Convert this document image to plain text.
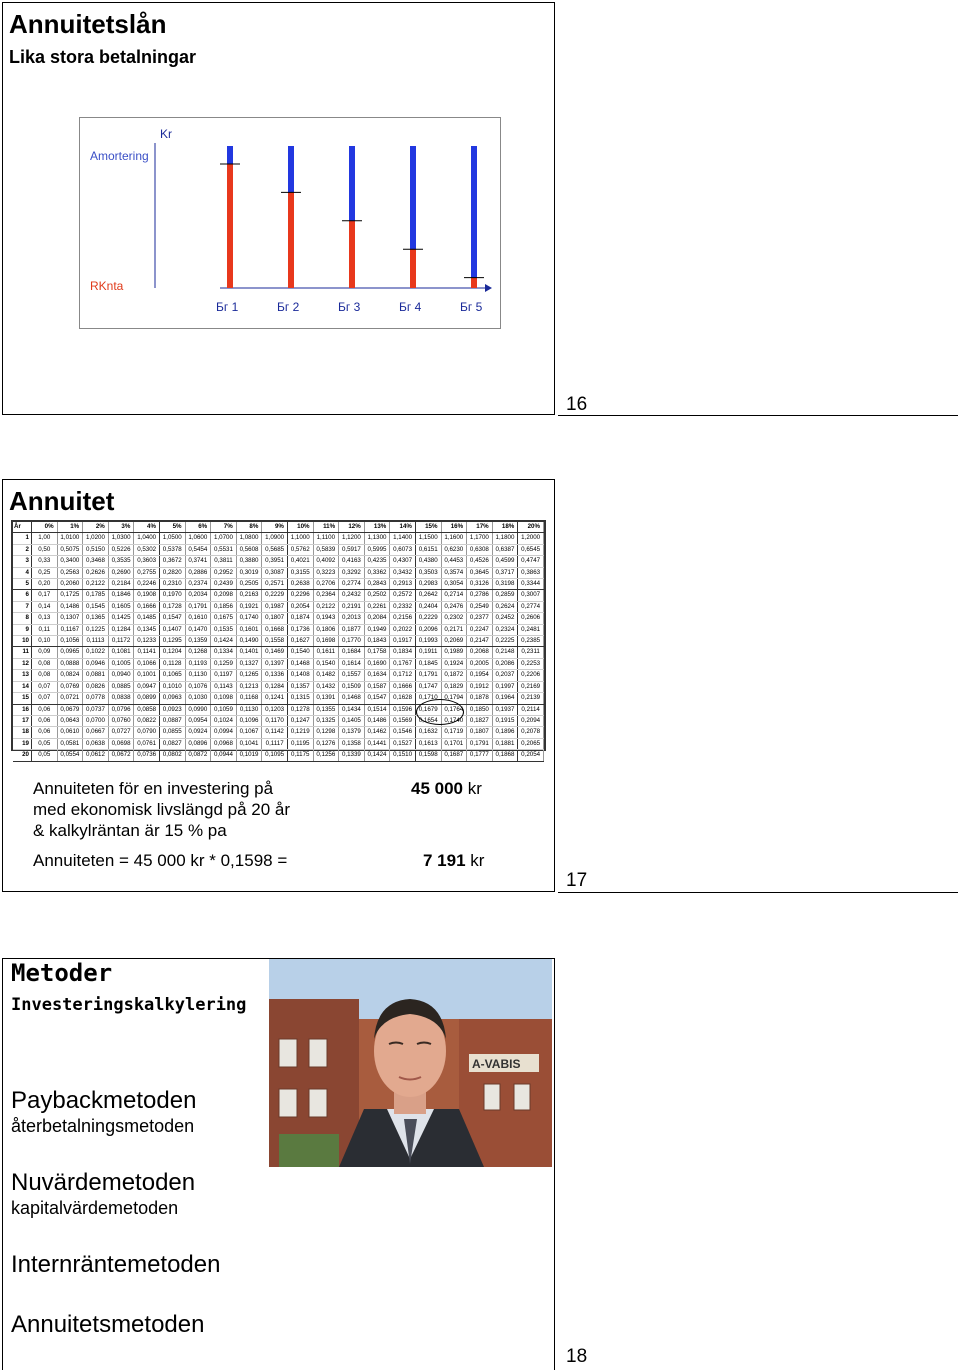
Annuitetslån
Lika stora betalningar
Kr
Amortering
RKnta
Бг 1	Бг 2	Бг 3	Бг 4	Бг 5
16
Annuitet
År	0%	1%	2%	3%	4%	5%	6%	7%	8%	9%	10%	11%	12%	13%	14%	15%	16%	17%	18%	20%
1	1,00	1,0100	1,0200	1,0300	1,0400	1,0500	1,0600	1,0700	1,0800	1,0900	1,1000	1,1100	1,1200	1,1300	1,1400	1,1500	1,1600	1,1700	1,1800	1,2000
2	0,50	0,5075	0,5150	0,5226	0,5302	0,5378	0,5454	0,5531	0,5608	0,5685	0,5762	0,5839	0,5917	0,5995	0,6073	0,6151	0,6230	0,6308	0,6387	0,6545
3	0,33	0,3400	0,3468	0,3535	0,3603	0,3672	0,3741	0,3811	0,3880	0,3951	0,4021	0,4092	0,4163	0,4235	0,4307	0,4380	0,4453	0,4526	0,4599	0,4747
4	0,25	0,2563	0,2626	0,2690	0,2755	0,2820	0,2886	0,2952	0,3019	0,3087	0,3155	0,3223	0,3292	0,3362	0,3432	0,3503	0,3574	0,3645	0,3717	0,3863
5	0,20	0,2060	0,2122	0,2184	0,2246	0,2310	0,2374	0,2439	0,2505	0,2571	0,2638	0,2706	0,2774	0,2843	0,2913	0,2983	0,3054	0,3126	0,3198	0,3344
6	0,17	0,1725	0,1785	0,1846	0,1908	0,1970	0,2034	0,2098	0,2163	0,2229	0,2296	0,2364	0,2432	0,2502	0,2572	0,2642	0,2714	0,2786	0,2859	0,3007
7	0,14	0,1486	0,1545	0,1605	0,1666	0,1728	0,1791	0,1856	0,1921	0,1987	0,2054	0,2122	0,2191	0,2261	0,2332	0,2404	0,2476	0,2549	0,2624	0,2774
8	0,13	0,1307	0,1365	0,1425	0,1485	0,1547	0,1610	0,1675	0,1740	0,1807	0,1874	0,1943	0,2013	0,2084	0,2156	0,2229	0,2302	0,2377	0,2452	0,2606
9	0,11	0,1167	0,1225	0,1284	0,1345	0,1407	0,1470	0,1535	0,1601	0,1668	0,1736	0,1806	0,1877	0,1949	0,2022	0,2096	0,2171	0,2247	0,2324	0,2481
10	0,10	0,1056	0,1113	0,1172	0,1233	0,1295	0,1359	0,1424	0,1490	0,1558	0,1627	0,1698	0,1770	0,1843	0,1917	0,1993	0,2069	0,2147	0,2225	0,2385
11	0,09	0,0965	0,1022	0,1081	0,1141	0,1204	0,1268	0,1334	0,1401	0,1469	0,1540	0,1611	0,1684	0,1758	0,1834	0,1911	0,1989	0,2068	0,2148	0,2311
12	0,08	0,0888	0,0946	0,1005	0,1066	0,1128	0,1193	0,1259	0,1327	0,1397	0,1468	0,1540	0,1614	0,1690	0,1767	0,1845	0,1924	0,2005	0,2086	0,2253
13	0,08	0,0824	0,0881	0,0940	0,1001	0,1065	0,1130	0,1197	0,1265	0,1336	0,1408	0,1482	0,1557	0,1634	0,1712	0,1791	0,1872	0,1954	0,2037	0,2206
14	0,07	0,0769	0,0826	0,0885	0,0947	0,1010	0,1076	0,1143	0,1213	0,1284	0,1357	0,1432	0,1509	0,1587	0,1666	0,1747	0,1829	0,1912	0,1997	0,2169
15	0,07	0,0721	0,0778	0,0838	0,0899	0,0963	0,1030	0,1098	0,1168	0,1241	0,1315	0,1391	0,1468	0,1547	0,1628	0,1710	0,1794	0,1878	0,1964	0,2139
16	0,06	0,0679	0,0737	0,0796	0,0858	0,0923	0,0990	0,1059	0,1130	0,1203	0,1278	0,1355	0,1434	0,1514	0,1596	0,1679	0,1764	0,1850	0,1937	0,2114
17	0,06	0,0643	0,0700	0,0760	0,0822	0,0887	0,0954	0,1024	0,1096	0,1170	0,1247	0,1325	0,1405	0,1486	0,1569	0,1654	0,1740	0,1827	0,1915	0,2094
18	0,06	0,0610	0,0667	0,0727	0,0790	0,0855	0,0924	0,0994	0,1067	0,1142	0,1219	0,1298	0,1379	0,1462	0,1546	0,1632	0,1719	0,1807	0,1896	0,2078
19	0,05	0,0581	0,0638	0,0698	0,0761	0,0827	0,0896	0,0968	0,1041	0,1117	0,1195	0,1276	0,1358	0,1441	0,1527	0,1613	0,1701	0,1791	0,1881	0,2065
20	0,05	0,0554	0,0612	0,0672	0,0736	0,0802	0,0872	0,0944	0,1019	0,1095	0,1175	0,1256	0,1339	0,1424	0,1510	0,1598	0,1687	0,1777	0,1868	0,2054
Annuiteten för en investering på
med ekonomisk livslängd på 20 år
& kalkylräntan är 15 % pa
45 000 kr
Annuiteten = 45 000 kr * 0,1598 =	7 191 kr
17
Metoder
Investeringskalkylering
A-VABIS
Paybackmetoden
återbetalningsmetoden
Nuvärdemetoden
kapitalvärdemetoden
Internräntemetoden
Annuitetsmetoden
18
